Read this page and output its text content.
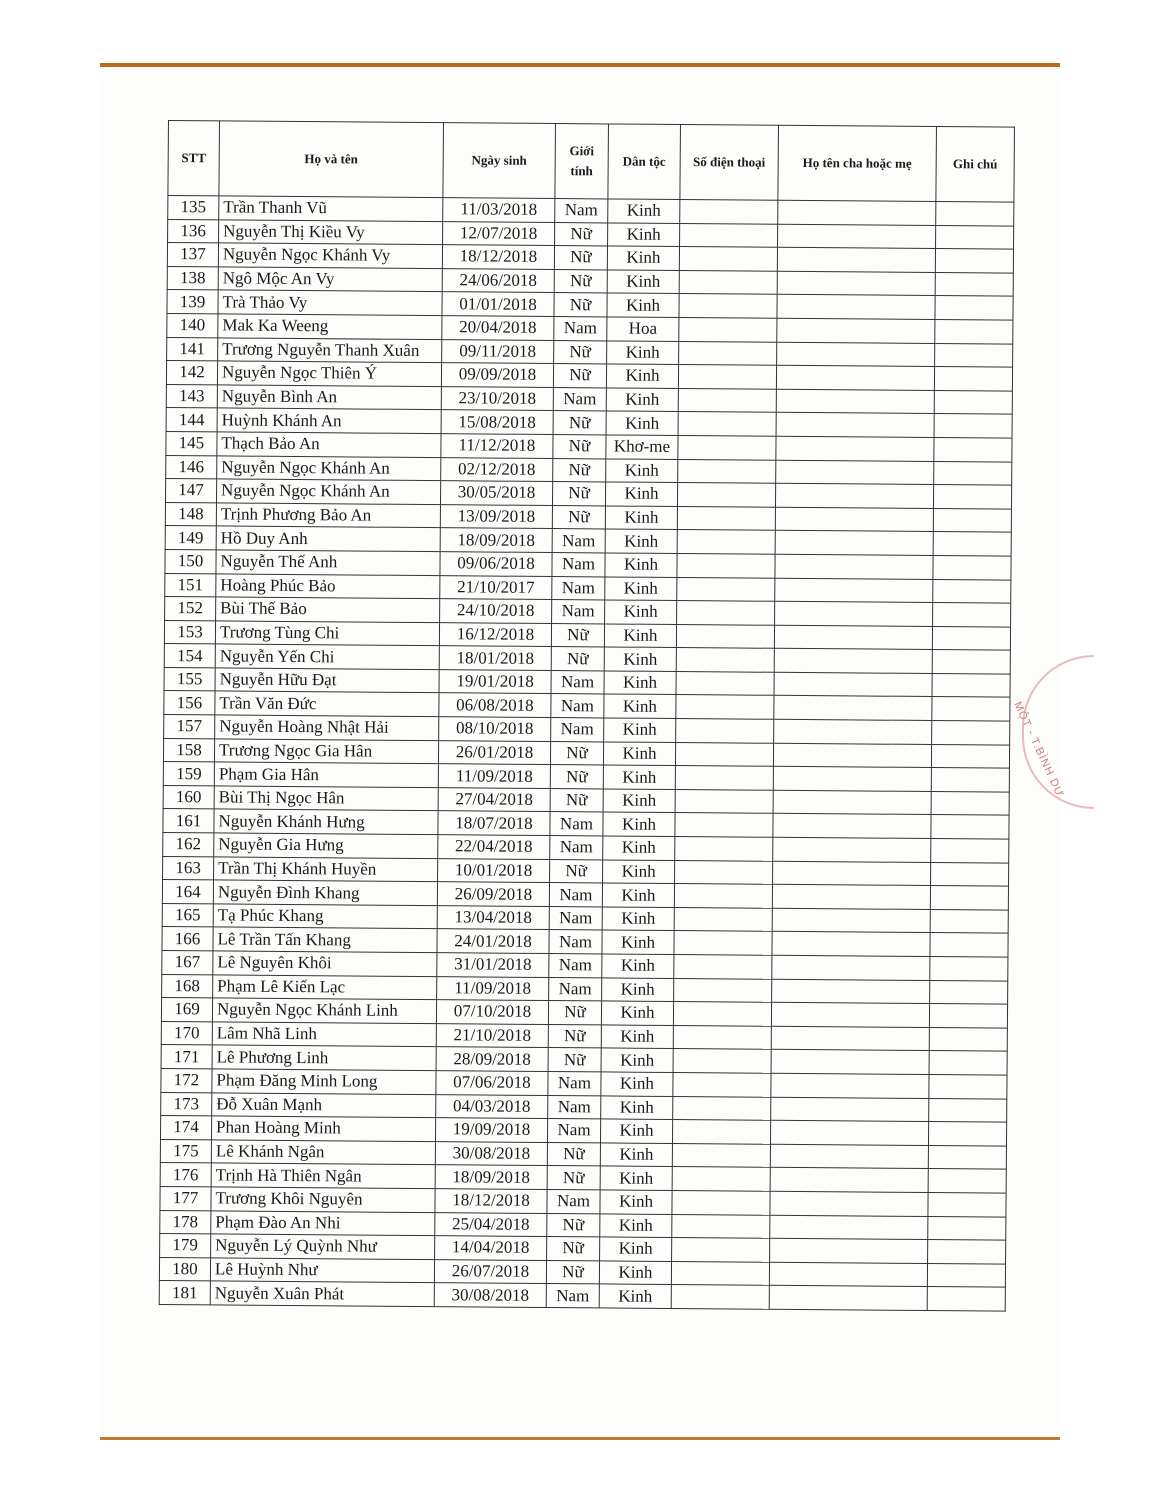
MỘT - T.BÌNH DƯ
STT	Họ và tên	Ngày sinh	Giới
tính	Dân tộc	Số điện thoại	Họ tên cha hoặc mẹ	Ghi chú
135	Trần Thanh Vũ	11/03/2018	Nam	Kinh			
136	Nguyễn Thị Kiều Vy	12/07/2018	Nữ	Kinh			
137	Nguyễn Ngọc Khánh Vy	18/12/2018	Nữ	Kinh			
138	Ngô Mộc An Vy	24/06/2018	Nữ	Kinh			
139	Trà Thảo Vy	01/01/2018	Nữ	Kinh			
140	Mak Ka Weeng	20/04/2018	Nam	Hoa			
141	Trương Nguyễn Thanh Xuân	09/11/2018	Nữ	Kinh			
142	Nguyễn Ngọc Thiên Ý	09/09/2018	Nữ	Kinh			
143	Nguyễn Bình An	23/10/2018	Nam	Kinh			
144	Huỳnh Khánh An	15/08/2018	Nữ	Kinh			
145	Thạch Bảo An	11/12/2018	Nữ	Khơ-me			
146	Nguyễn Ngọc Khánh An	02/12/2018	Nữ	Kinh			
147	Nguyễn Ngọc Khánh An	30/05/2018	Nữ	Kinh			
148	Trịnh Phương Bảo An	13/09/2018	Nữ	Kinh			
149	Hồ Duy Anh	18/09/2018	Nam	Kinh			
150	Nguyễn Thế Anh	09/06/2018	Nam	Kinh			
151	Hoàng Phúc Bảo	21/10/2017	Nam	Kinh			
152	Bùi Thế Bảo	24/10/2018	Nam	Kinh			
153	Trương Tùng Chi	16/12/2018	Nữ	Kinh			
154	Nguyễn Yến Chi	18/01/2018	Nữ	Kinh			
155	Nguyễn Hữu Đạt	19/01/2018	Nam	Kinh			
156	Trần Văn Đức	06/08/2018	Nam	Kinh			
157	Nguyễn Hoàng Nhật Hải	08/10/2018	Nam	Kinh			
158	Trương Ngọc Gia Hân	26/01/2018	Nữ	Kinh			
159	Phạm Gia Hân	11/09/2018	Nữ	Kinh			
160	Bùi Thị Ngọc Hân	27/04/2018	Nữ	Kinh			
161	Nguyễn Khánh Hưng	18/07/2018	Nam	Kinh			
162	Nguyễn Gia Hưng	22/04/2018	Nam	Kinh			
163	Trần Thị Khánh Huyền	10/01/2018	Nữ	Kinh			
164	Nguyễn Đình Khang	26/09/2018	Nam	Kinh			
165	Tạ Phúc Khang	13/04/2018	Nam	Kinh			
166	Lê Trần Tấn Khang	24/01/2018	Nam	Kinh			
167	Lê Nguyên Khôi	31/01/2018	Nam	Kinh			
168	Phạm Lê Kiến Lạc	11/09/2018	Nam	Kinh			
169	Nguyễn Ngọc Khánh Linh	07/10/2018	Nữ	Kinh			
170	Lâm Nhã Linh	21/10/2018	Nữ	Kinh			
171	Lê Phương Linh	28/09/2018	Nữ	Kinh			
172	Phạm Đăng Minh Long	07/06/2018	Nam	Kinh			
173	Đỗ Xuân Mạnh	04/03/2018	Nam	Kinh			
174	Phan Hoàng Minh	19/09/2018	Nam	Kinh			
175	Lê Khánh Ngân	30/08/2018	Nữ	Kinh			
176	Trịnh Hà Thiên Ngân	18/09/2018	Nữ	Kinh			
177	Trương Khôi Nguyên	18/12/2018	Nam	Kinh			
178	Phạm Đào An Nhi	25/04/2018	Nữ	Kinh			
179	Nguyễn Lý Quỳnh Như	14/04/2018	Nữ	Kinh			
180	Lê Huỳnh Như	26/07/2018	Nữ	Kinh			
181	Nguyễn Xuân Phát	30/08/2018	Nam	Kinh			
